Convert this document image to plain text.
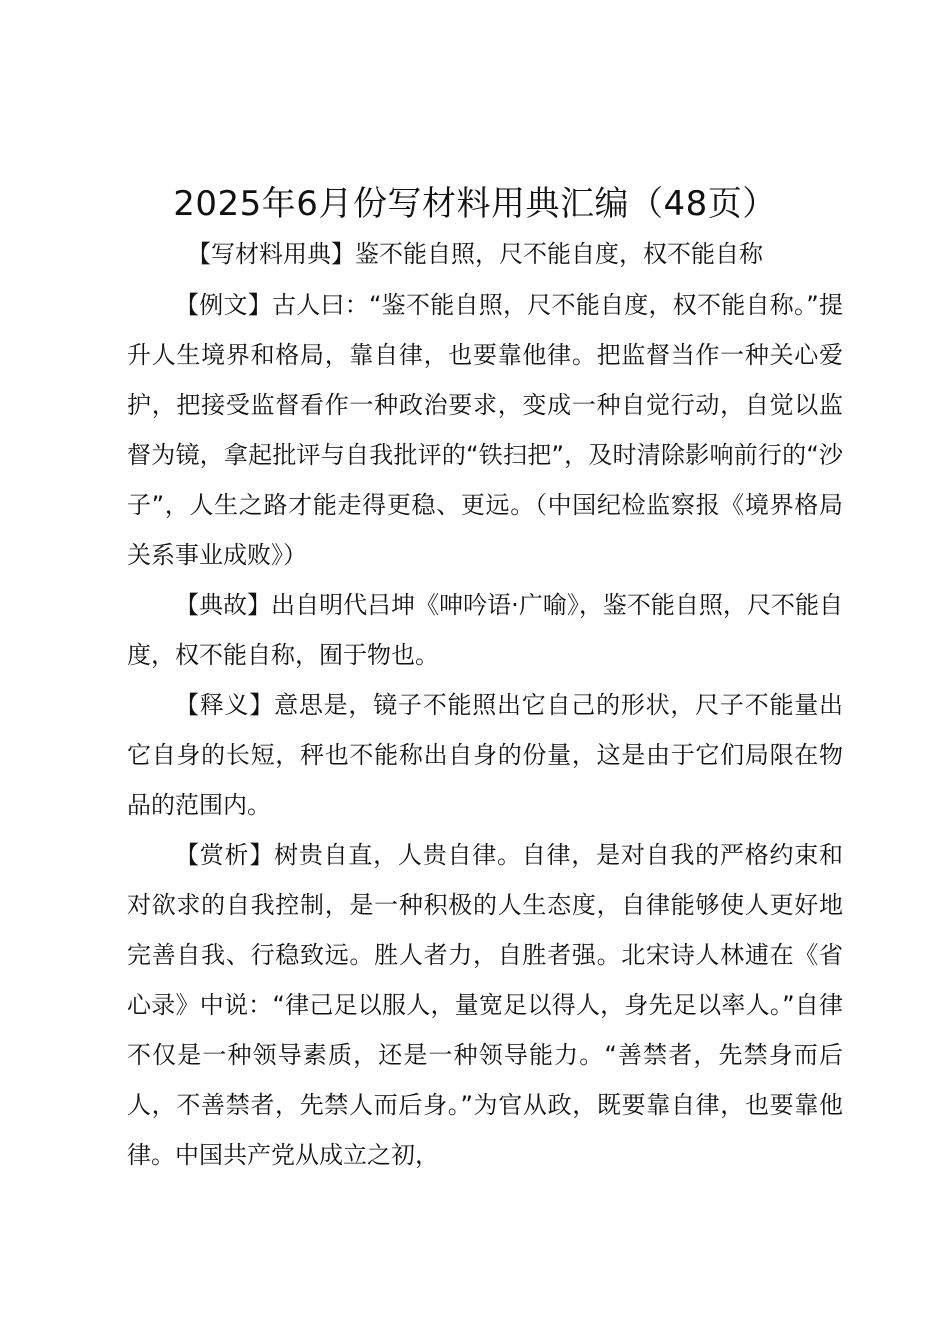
2025年6月份写材料用典汇编（48页）

【写材料用典】鉴不能自照，尺不能自度，权不能自称

【例文】古人曰：“鉴不能自照，尺不能自度，权不能自称。”提升人生境界和格局，靠自律，也要靠他律。把监督当作一种关心爱护，把接受监督看作一种政治要求，变成一种自觉行动，自觉以监督为镜，拿起批评与自我批评的“铁扫把”，及时清除影响前行的“沙子”，人生之路才能走得更稳、更远。（中国纪检监察报《境界格局关系事业成败》）

【典故】出自明代吕坤《呻吟语·广喻》，鉴不能自照，尺不能自度，权不能自称，囿于物也。

【释义】意思是，镜子不能照出它自己的形状，尺子不能量出它自身的长短，秤也不能称出自身的份量，这是由于它们局限在物品的范围内。

【赏析】树贵自直，人贵自律。自律，是对自我的严格约束和对欲求的自我控制，是一种积极的人生态度，自律能够使人更好地完善自我、行稳致远。胜人者力，自胜者强。北宋诗人林逋在《省心录》中说：“律己足以服人，量宽足以得人，身先足以率人。”自律不仅是一种领导素质，还是一种领导能力。“善禁者，先禁身而后人，不善禁者，先禁人而后身。”为官从政，既要靠自律，也要靠他律。中国共产党从成立之初，
